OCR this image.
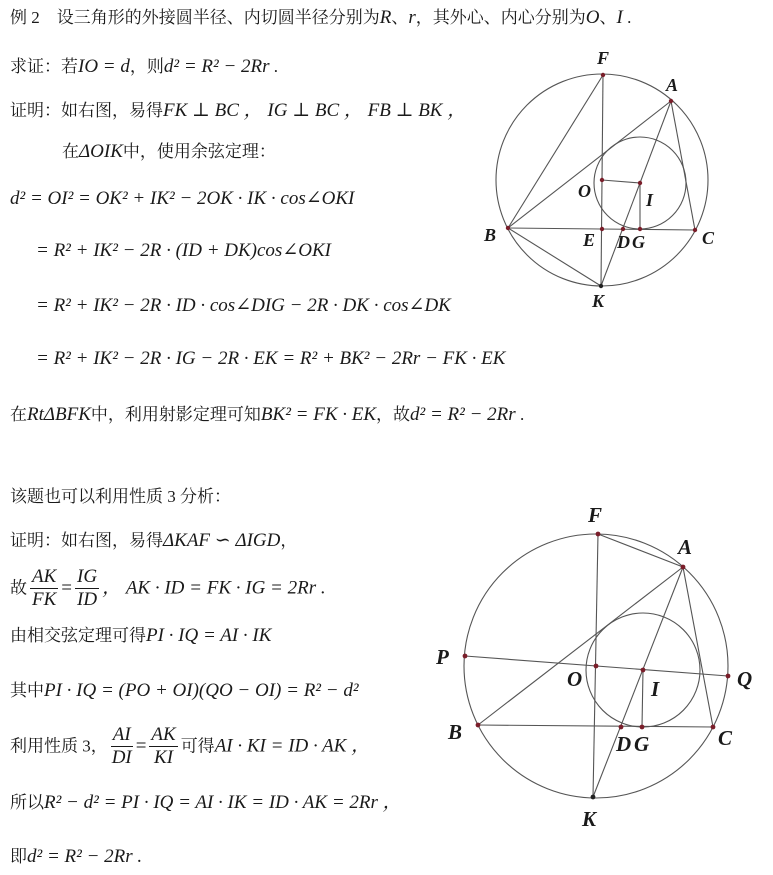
例 2　设三角形的外接圆半径、内切圆半径分别为R、r，其外心、内心分别为O、I .
求证：若IO = d，则d² = R² − 2Rr .
证明：如右图，易得FK ⊥ BC ， IG ⊥ BC ， FB ⊥ BK ，
在ΔOIK中，使用余弦定理：
d² = OI² = OK² + IK² − 2OK · IK · cos∠OKI
= R² + IK² − 2R · (ID + DK)cos∠OKI
= R² + IK² − 2R · ID · cos∠DIG − 2R · DK · cos∠DK
= R² + IK² − 2R · IG − 2R · EK = R² + BK² − 2Rr − FK · EK
在RtΔBFK中，利用射影定理可知BK² = FK · EK，故d² = R² − 2Rr .
该题也可以利用性质 3 分析：
证明：如右图，易得ΔKAF ∽ ΔIGD，
故 $\frac{AK}{FK} = \frac{IG}{ID}$ ， AK · ID = FK · IG = 2Rr .
由相交弦定理可得PI · IQ = AI · IK
其中PI · IQ = (PO + OI)(QO − OI) = R² − d²
利用性质 3， $\frac{AI}{DI} = \frac{AK}{KI}$ 可得AI · KI = ID · AK ，
所以R² − d² = PI · IQ = AI · IK = ID · AK = 2Rr ，
即d² = R² − 2Rr .
F
A
O	I
B	E D G	C
K
F
A
P
O	I	Q
B	D G	C
K
